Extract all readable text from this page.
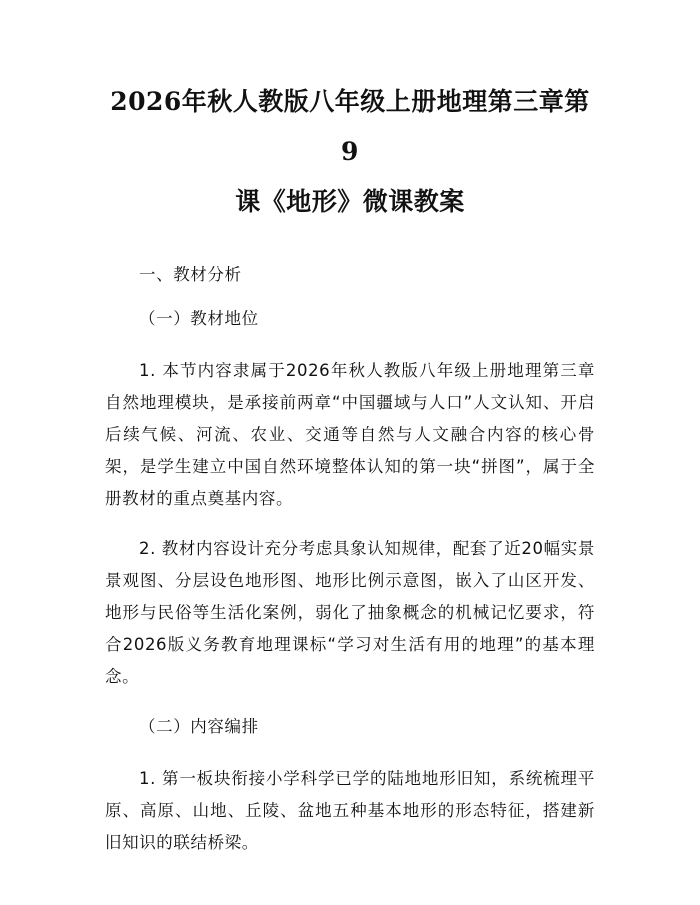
2026年秋人教版八年级上册地理第三章第9
课《地形》微课教案
一、教材分析
（一）教材地位
1. 本节内容隶属于2026年秋人教版八年级上册地理第三章自然地理模块，是承接前两章“中国疆域与人口”人文认知、开启后续气候、河流、农业、交通等自然与人文融合内容的核心骨架，是学生建立中国自然环境整体认知的第一块“拼图”，属于全册教材的重点奠基内容。
2. 教材内容设计充分考虑具象认知规律，配套了近20幅实景景观图、分层设色地形图、地形比例示意图，嵌入了山区开发、地形与民俗等生活化案例，弱化了抽象概念的机械记忆要求，符合2026版义务教育地理课标“学习对生活有用的地理”的基本理念。
（二）内容编排
1. 第一板块衔接小学科学已学的陆地地形旧知，系统梳理平原、高原、山地、丘陵、盆地五种基本地形的形态特征，搭建新旧知识的联结桥梁。
